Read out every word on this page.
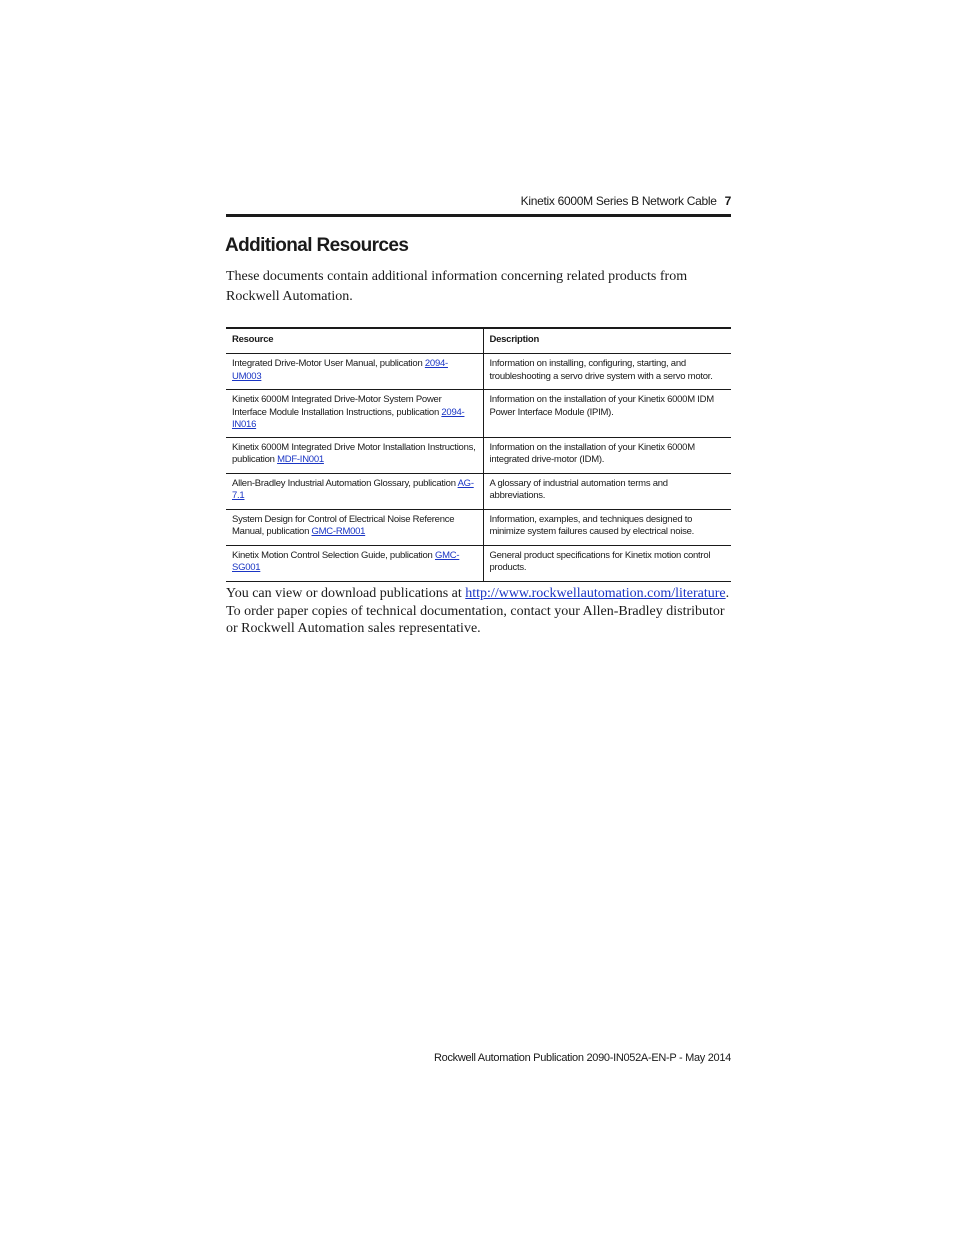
Kinetix 6000M Series B Network Cable 7
Additional Resources

These documents contain additional information concerning related products from Rockwell Automation.

Resource	Description
Integrated Drive-Motor User Manual, publication 2094-UM003	Information on installing, configuring, starting, and troubleshooting a servo drive system with a servo motor.
Kinetix 6000M Integrated Drive-Motor System Power Interface Module Installation Instructions, publication 2094-IN016	Information on the installation of your Kinetix 6000M IDM Power Interface Module (IPIM).
Kinetix 6000M Integrated Drive Motor Installation Instructions, publication MDF-IN001	Information on the installation of your Kinetix 6000M integrated drive-motor (IDM).
Allen-Bradley Industrial Automation Glossary, publication AG-7.1	A glossary of industrial automation terms and abbreviations.
System Design for Control of Electrical Noise Reference Manual, publication GMC-RM001	Information, examples, and techniques designed to minimize system failures caused by electrical noise.
Kinetix Motion Control Selection Guide, publication GMC-SG001	General product specifications for Kinetix motion control products.

You can view or download publications at http://www.rockwellautomation.com/literature. To order paper copies of technical documentation, contact your Allen-Bradley distributor or Rockwell Automation sales representative.

Rockwell Automation Publication 2090-IN052A-EN-P - May 2014
